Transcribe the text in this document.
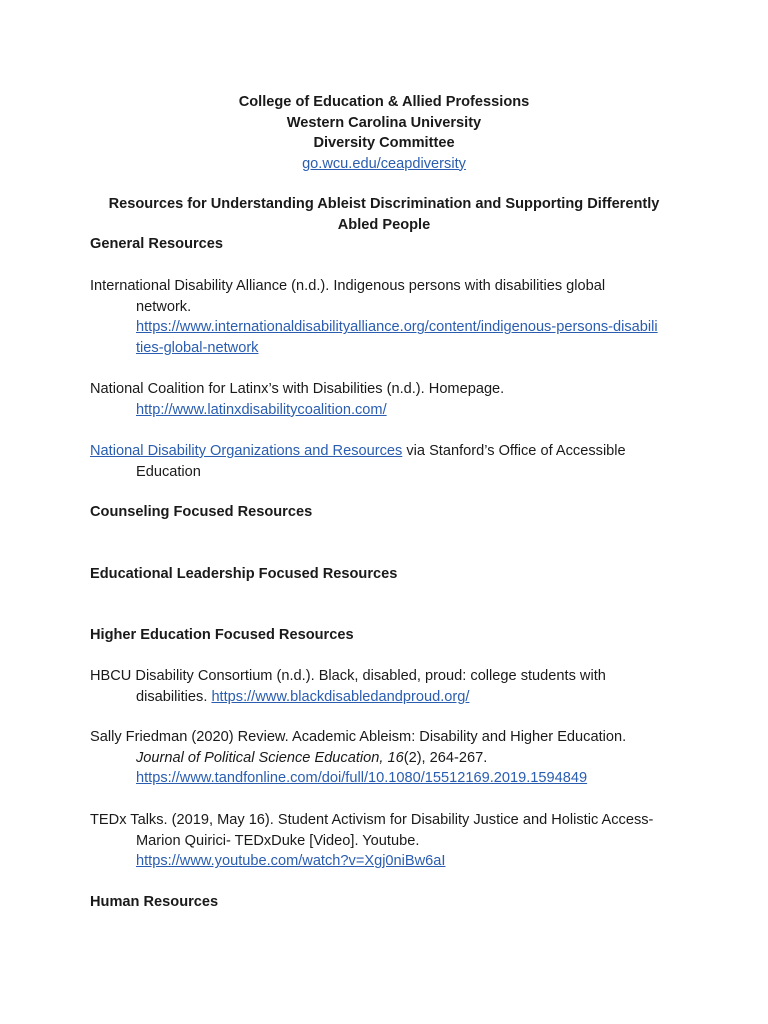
College of Education & Allied Professions
Western Carolina University
Diversity Committee
go.wcu.edu/ceapdiversity
Resources for Understanding Ableist Discrimination and Supporting Differently
Abled People
General Resources
International Disability Alliance (n.d.). Indigenous persons with disabilities global
network.
https://www.internationaldisabilityalliance.org/content/indigenous-persons-disabili
ties-global-network
National Coalition for Latinx’s with Disabilities (n.d.). Homepage.
http://www.latinxdisabilitycoalition.com/
National Disability Organizations and Resources via Stanford’s Office of Accessible
Education
Counseling Focused Resources
Educational Leadership Focused Resources
Higher Education Focused Resources
HBCU Disability Consortium (n.d.). Black, disabled, proud: college students with
disabilities. https://www.blackdisabledandproud.org/
Sally Friedman (2020) Review. Academic Ableism: Disability and Higher Education.
Journal of Political Science Education, 16(2), 264-267.
https://www.tandfonline.com/doi/full/10.1080/15512169.2019.1594849
TEDx Talks. (2019, May 16). Student Activism for Disability Justice and Holistic Access-
Marion Quirici- TEDxDuke [Video]. Youtube.
https://www.youtube.com/watch?v=Xgj0niBw6aI
Human Resources
